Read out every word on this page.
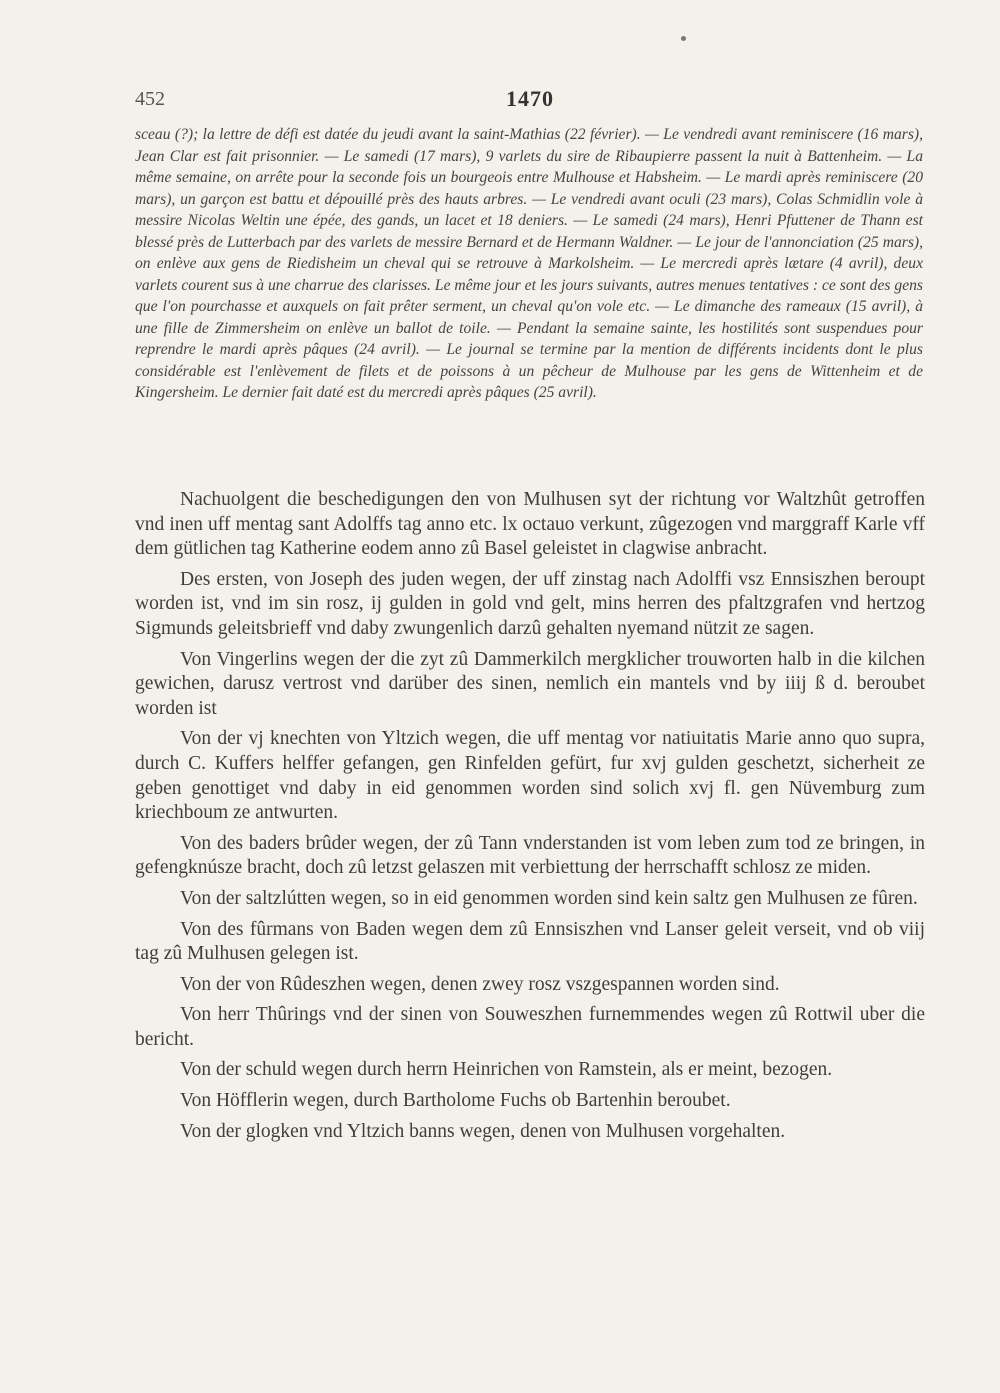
452	1470

sceau (?); la lettre de défi est datée du jeudi avant la saint-Mathias (22 février). — Le vendredi avant reminiscere (16 mars), Jean Clar est fait prisonnier. — Le samedi (17 mars), 9 varlets du sire de Ribaupierre passent la nuit à Battenheim. — La même semaine, on arrête pour la seconde fois un bourgeois entre Mulhouse et Habsheim. — Le mardi après reminiscere (20 mars), un garçon est battu et dépouillé près des hauts arbres. — Le vendredi avant oculi (23 mars), Colas Schmidlin vole à messire Nicolas Weltin une épée, des gands, un lacet et 18 deniers. — Le samedi (24 mars), Henri Pfuttener de Thann est blessé près de Lutterbach par des varlets de messire Bernard et de Hermann Waldner. — Le jour de l'annonciation (25 mars), on enlève aux gens de Riedisheim un cheval qui se retrouve à Markolsheim. — Le mercredi après lætare (4 avril), deux varlets courent sus à une charrue des clarisses. Le même jour et les jours suivants, autres menues tentatives : ce sont des gens que l'on pourchasse et auxquels on fait prêter serment, un cheval qu'on vole etc. — Le dimanche des rameaux (15 avril), à une fille de Zimmersheim on enlève un ballot de toile. — Pendant la semaine sainte, les hostilités sont suspendues pour reprendre le mardi après pâques (24 avril). — Le journal se termine par la mention de différents incidents dont le plus considérable est l'enlèvement de filets et de poissons à un pêcheur de Mulhouse par les gens de Wittenheim et de Kingersheim. Le dernier fait daté est du mercredi après pâques (25 avril).

Nachuolgent die beschedigungen den von Mulhusen syt der richtung vor Waltzhût getroffen vnd inen uff mentag sant Adolffs tag anno etc. lx octauo verkunt, zûgezogen vnd marggraff Karle vff dem gütlichen tag Katherine eodem anno zû Basel geleistet in clagwise anbracht.

Des ersten, von Joseph des juden wegen, der uff zinstag nach Adolffi vsz Ennsiszhen beroupt worden ist, vnd im sin rosz, ij gulden in gold vnd gelt, mins herren des pfaltzgrafen vnd hertzog Sigmunds geleitsbrieff vnd daby zwungenlich darzû gehalten nyemand nützit ze sagen.

Von Vingerlins wegen der die zyt zû Dammerkilch mergklicher trouworten halb in die kilchen gewichen, darusz vertrost vnd darüber des sinen, nemlich ein mantels vnd by iiij ß d. beroubet worden ist

Von der vj knechten von Yltzich wegen, die uff mentag vor natiuitatis Marie anno quo supra, durch C. Kuffers helffer gefangen, gen Rinfelden gefürt, fur xvj gulden geschetzt, sicherheit ze geben genottiget vnd daby in eid genommen worden sind solich xvj fl. gen Nüvemburg zum kriechboum ze antwurten.

Von des baders brûder wegen, der zû Tann vnderstanden ist vom leben zum tod ze bringen, in gefengknúsze bracht, doch zû letzst gelaszen mit verbiettung der herrschafft schlosz ze miden.

Von der saltzlútten wegen, so in eid genommen worden sind kein saltz gen Mulhusen ze fûren.

Von des fûrmans von Baden wegen dem zû Ennsiszhen vnd Lanser geleit verseit, vnd ob viij tag zû Mulhusen gelegen ist.

Von der von Rûdeszhen wegen, denen zwey rosz vszgespannen worden sind.

Von herr Thûrings vnd der sinen von Souweszhen furnemmendes wegen zû Rottwil uber die bericht.

Von der schuld wegen durch herrn Heinrichen von Ramstein, als er meint, bezogen.

Von Höfflerin wegen, durch Bartholome Fuchs ob Bartenhin beroubet.

Von der glogken vnd Yltzich banns wegen, denen von Mulhusen vorgehalten.
